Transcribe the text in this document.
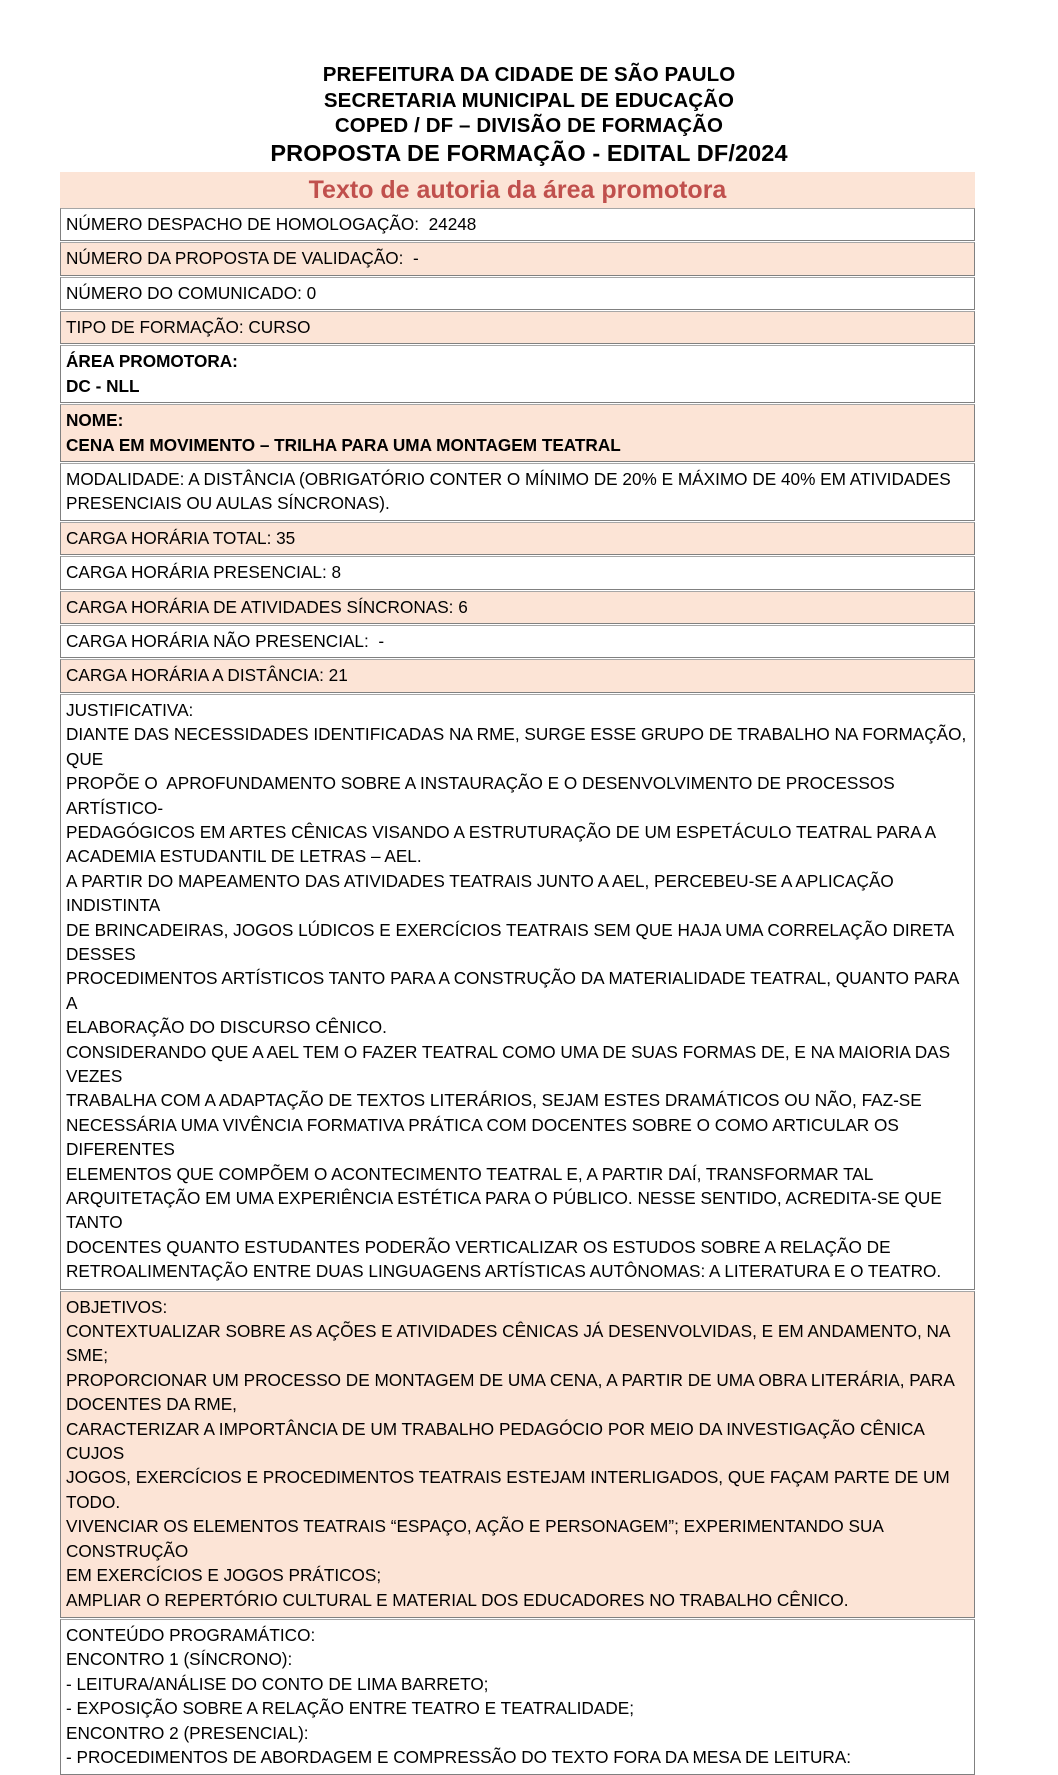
PREFEITURA DA CIDADE DE SÃO PAULO
SECRETARIA MUNICIPAL DE EDUCAÇÃO
COPED / DF – DIVISÃO DE FORMAÇÃO
PROPOSTA DE FORMAÇÃO - EDITAL DF/2024
Texto de autoria da área promotora
NÚMERO DESPACHO DE HOMOLOGAÇÃO:  24248
NÚMERO DA PROPOSTA DE VALIDAÇÃO:  -
NÚMERO DO COMUNICADO: 0
TIPO DE FORMAÇÃO: CURSO
ÁREA PROMOTORA:
DC - NLL
NOME:
CENA EM MOVIMENTO – TRILHA PARA UMA MONTAGEM TEATRAL
MODALIDADE: A DISTÂNCIA (OBRIGATÓRIO CONTER O MÍNIMO DE 20% E MÁXIMO DE 40% EM ATIVIDADES
PRESENCIAIS OU AULAS SÍNCRONAS).
CARGA HORÁRIA TOTAL: 35
CARGA HORÁRIA PRESENCIAL: 8
CARGA HORÁRIA DE ATIVIDADES SÍNCRONAS: 6
CARGA HORÁRIA NÃO PRESENCIAL:  -
CARGA HORÁRIA A DISTÂNCIA: 21
JUSTIFICATIVA:
DIANTE DAS NECESSIDADES IDENTIFICADAS NA RME, SURGE ESSE GRUPO DE TRABALHO NA FORMAÇÃO, QUE
PROPÕE O  APROFUNDAMENTO SOBRE A INSTAURAÇÃO E O DESENVOLVIMENTO DE PROCESSOS ARTÍSTICO-
PEDAGÓGICOS EM ARTES CÊNICAS VISANDO A ESTRUTURAÇÃO DE UM ESPETÁCULO TEATRAL PARA A
ACADEMIA ESTUDANTIL DE LETRAS – AEL.
A PARTIR DO MAPEAMENTO DAS ATIVIDADES TEATRAIS JUNTO A AEL, PERCEBEU-SE A APLICAÇÃO INDISTINTA
DE BRINCADEIRAS, JOGOS LÚDICOS E EXERCÍCIOS TEATRAIS SEM QUE HAJA UMA CORRELAÇÃO DIRETA DESSES
PROCEDIMENTOS ARTÍSTICOS TANTO PARA A CONSTRUÇÃO DA MATERIALIDADE TEATRAL, QUANTO PARA A
ELABORAÇÃO DO DISCURSO CÊNICO.
CONSIDERANDO QUE A AEL TEM O FAZER TEATRAL COMO UMA DE SUAS FORMAS DE, E NA MAIORIA DAS VEZES
TRABALHA COM A ADAPTAÇÃO DE TEXTOS LITERÁRIOS, SEJAM ESTES DRAMÁTICOS OU NÃO, FAZ-SE
NECESSÁRIA UMA VIVÊNCIA FORMATIVA PRÁTICA COM DOCENTES SOBRE O COMO ARTICULAR OS DIFERENTES
ELEMENTOS QUE COMPÕEM O ACONTECIMENTO TEATRAL E, A PARTIR DAÍ, TRANSFORMAR TAL
ARQUITETAÇÃO EM UMA EXPERIÊNCIA ESTÉTICA PARA O PÚBLICO. NESSE SENTIDO, ACREDITA-SE QUE TANTO
DOCENTES QUANTO ESTUDANTES PODERÃO VERTICALIZAR OS ESTUDOS SOBRE A RELAÇÃO DE
RETROALIMENTAÇÃO ENTRE DUAS LINGUAGENS ARTÍSTICAS AUTÔNOMAS: A LITERATURA E O TEATRO.
OBJETIVOS:
CONTEXTUALIZAR SOBRE AS AÇÕES E ATIVIDADES CÊNICAS JÁ DESENVOLVIDAS, E EM ANDAMENTO, NA SME;
PROPORCIONAR UM PROCESSO DE MONTAGEM DE UMA CENA, A PARTIR DE UMA OBRA LITERÁRIA, PARA
DOCENTES DA RME,
CARACTERIZAR A IMPORTÂNCIA DE UM TRABALHO PEDAGÓCIO POR MEIO DA INVESTIGAÇÃO CÊNICA CUJOS
JOGOS, EXERCÍCIOS E PROCEDIMENTOS TEATRAIS ESTEJAM INTERLIGADOS, QUE FAÇAM PARTE DE UM TODO.
VIVENCIAR OS ELEMENTOS TEATRAIS “ESPAÇO, AÇÃO E PERSONAGEM”; EXPERIMENTANDO SUA CONSTRUÇÃO
EM EXERCÍCIOS E JOGOS PRÁTICOS;
AMPLIAR O REPERTÓRIO CULTURAL E MATERIAL DOS EDUCADORES NO TRABALHO CÊNICO.
CONTEÚDO PROGRAMÁTICO:
ENCONTRO 1 (SÍNCRONO):
- LEITURA/ANÁLISE DO CONTO DE LIMA BARRETO;
- EXPOSIÇÃO SOBRE A RELAÇÃO ENTRE TEATRO E TEATRALIDADE;
ENCONTRO 2 (PRESENCIAL):
- PROCEDIMENTOS DE ABORDAGEM E COMPRESSÃO DO TEXTO FORA DA MESA DE LEITURA:
